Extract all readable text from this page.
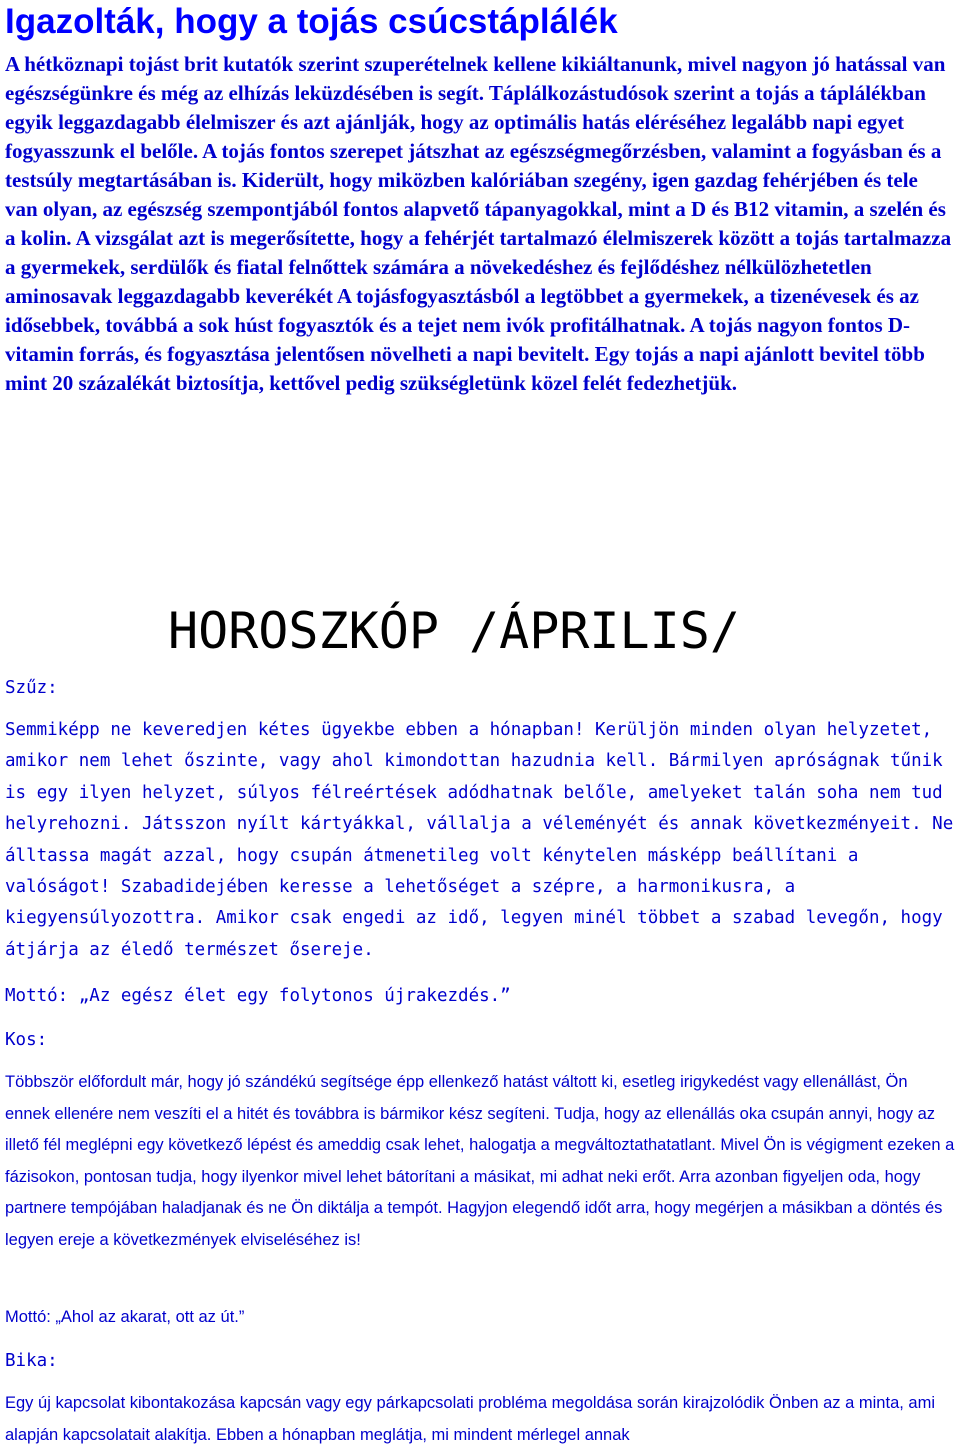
Igazolták, hogy a tojás csúcstáplálék

A hétköznapi tojást brit kutatók szerint szuperételnek kellene kikiáltanunk, mivel nagyon jó hatással van egészségünkre és még az elhízás leküzdésében is segít. Táplálkozástudósok szerint a tojás a táplálékban egyik leggazdagabb élelmiszer és azt ajánlják, hogy az optimális hatás eléréséhez legalább napi egyet fogyasszunk el belőle. A tojás fontos szerepet játszhat az egészségmegőrzésben, valamint a fogyásban és a testsúly megtartásában is. Kiderült, hogy miközben kalóriában szegény, igen gazdag fehérjében és tele van olyan, az egészség szempontjából fontos alapvető tápanyagokkal, mint a D és B12 vitamin, a szelén és a kolin. A vizsgálat azt is megerősítette, hogy a fehérjét tartalmazó élelmiszerek között a tojás tartalmazza a gyermekek, serdülők és fiatal felnőttek számára a növekedéshez és fejlődéshez nélkülözhetetlen aminosavak leggazdagabb keverékét A tojásfogyasztásból a legtöbbet a gyermekek, a tizenévesek és az idősebbek, továbbá a sok húst fogyasztók és a tejet nem ivók profitálhatnak. A tojás nagyon fontos D-vitamin forrás, és fogyasztása jelentősen növelheti a napi bevitelt. Egy tojás a napi ajánlott bevitel több mint 20 százalékát biztosítja, kettővel pedig szükségletünk közel felét fedezhetjük.

HOROSZKÓP /ÁPRILIS/

Szűz:

Semmiképp ne keveredjen kétes ügyekbe ebben a hónapban! Kerüljön minden olyan helyzetet, amikor nem lehet őszinte, vagy ahol kimondottan hazudnia kell. Bármilyen apróságnak tűnik is egy ilyen helyzet, súlyos félreértések adódhatnak belőle, amelyeket talán soha nem tud helyrehozni. Játsszon nyílt kártyákkal, vállalja a véleményét és annak következményeit. Ne álltassa magát azzal, hogy csupán átmenetileg volt kénytelen másképp beállítani a valóságot! Szabadidejében keresse a lehetőséget a szépre, a harmonikusra, a kiegyensúlyozottra. Amikor csak engedi az idő, legyen minél többet a szabad levegőn, hogy átjárja az éledő természet őserejе.

Mottó: „Az egész élet egy folytonos újrakezdés.”

Kos:

Többször előfordult már, hogy jó szándékú segítsége épp ellenkező hatást váltott ki, esetleg irigykedést vagy ellenállást, Ön ennek ellenére nem veszíti el a hitét és továbbra is bármikor kész segíteni. Tudja, hogy az ellenállás oka csupán annyi, hogy az illető fél meglépni egy következő lépést és ameddig csak lehet, halogatja a megváltoztathatatlant. Mivel Ön is végigment ezeken a fázisokon, pontosan tudja, hogy ilyenkor mivel lehet bátorítani a másikat, mi adhat neki erőt. Arra azonban figyeljen oda, hogy partnere tempójában haladjanak és ne Ön diktálja a tempót. Hagyjon elegendő időt arra, hogy megérjen a másikban a döntés és legyen ereje a következmények elviseléséhez is!

Mottó: „Ahol az akarat, ott az út.”

Bika:

Egy új kapcsolat kibontakozása kapcsán vagy egy párkapcsolati probléma megoldása során kirajzolódik Önben az a minta, ami alapján kapcsolatait alakítja. Ebben a hónapban meglátja, mi mindent mérlegel annak
